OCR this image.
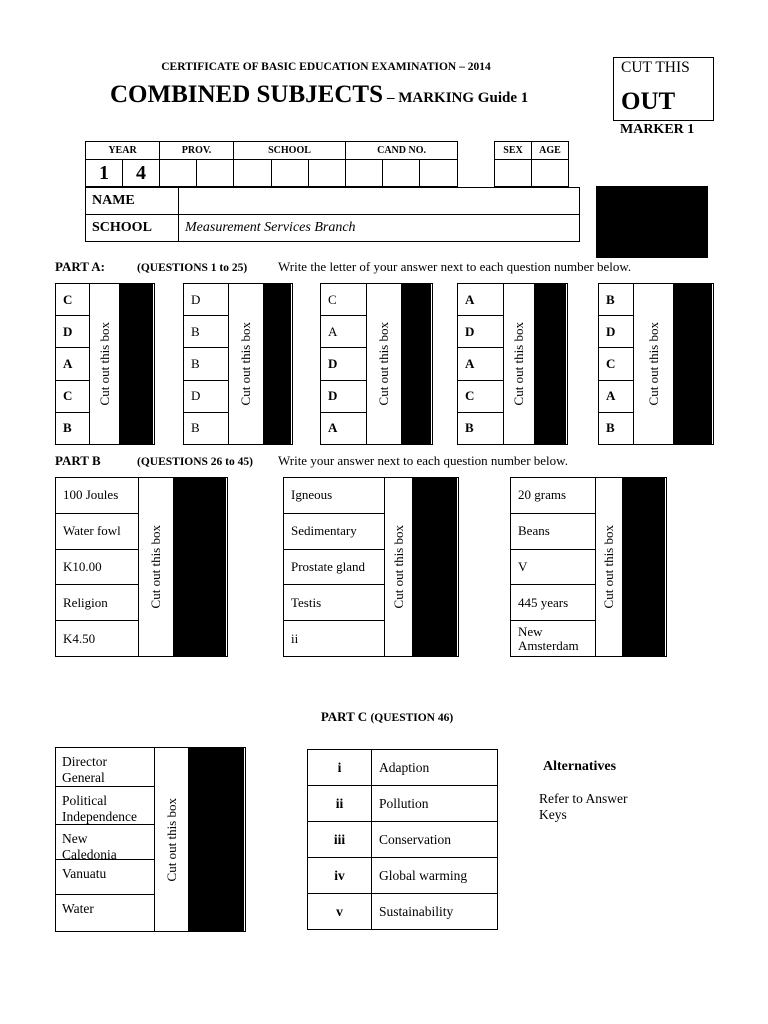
CERTIFICATE OF BASIC EDUCATION EXAMINATION – 2014
COMBINED SUBJECTS – MARKING Guide 1
CUT THIS
OUT
MARKER 1
YEAR		PROV.		SCHOOL			CAND NO.		
1	4								
SEX	AGE

NAME	
SCHOOL	Measurement Services Branch
PART A:	(QUESTIONS 1 to 25) Write the letter of your answer next to each question number below.
C
D
A
C
B
Cut out this box
D
B
B
D
B
Cut out this box
C
A
D
D
A
Cut out this box
A
D
A
C
B
Cut out this box
B
D
C
A
B
Cut out this box
PART B	(QUESTIONS 26 to 45) Write your answer next to each question number below.
100 Joules
Water fowl
K10.00
Religion
K4.50
Cut out this box
Igneous
Sedimentary
Prostate gland
Testis
ii
Cut out this box
20 grams
Beans
V
445 years
New Amsterdam
Cut out this box
PART C (QUESTION 46)
Director General
Political Independence
New Caledonia
Vanuatu
Water
Cut out this box
i	Adaption
ii	Pollution
iii	Conservation
iv	Global warming
v	Sustainability
Alternatives
Refer to Answer Keys
